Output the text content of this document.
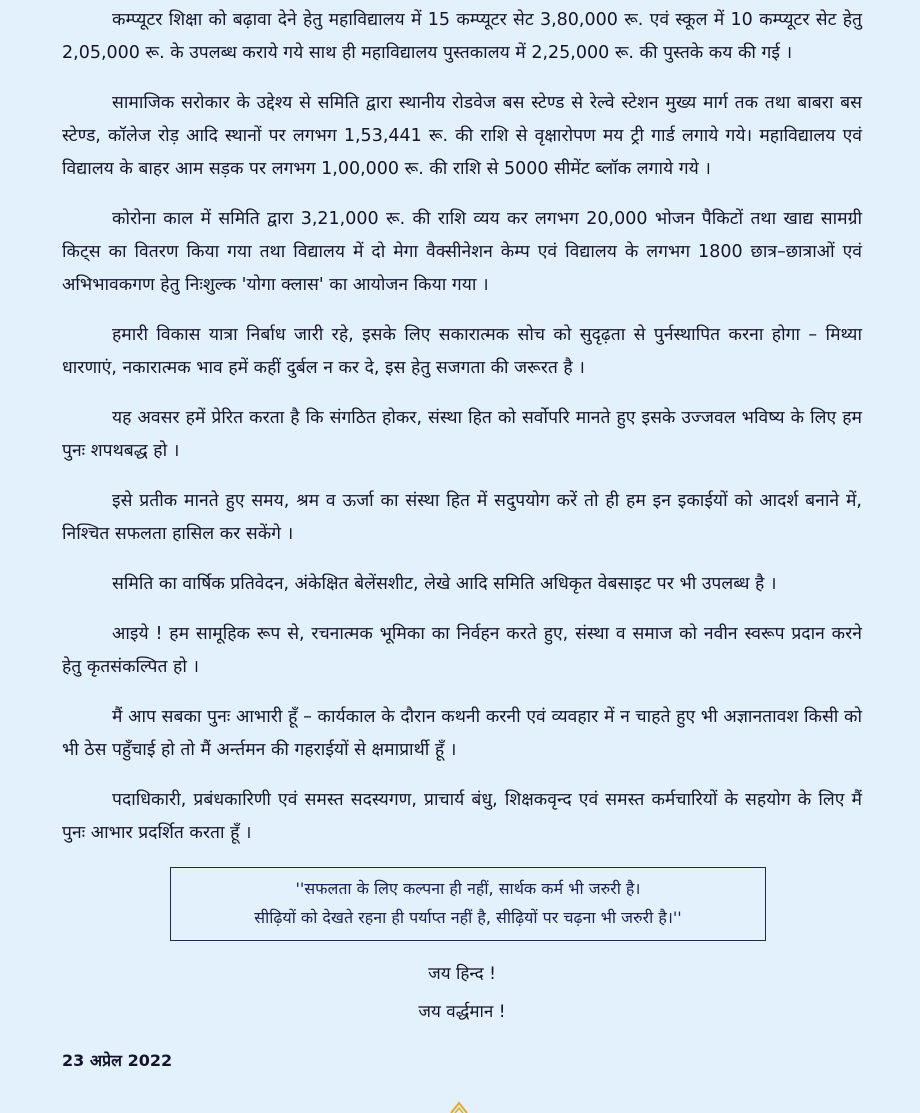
कम्प्यूटर शिक्षा को बढ़ावा देने हेतु महाविद्यालय में 15 कम्प्यूटर सेट 3,80,000 रू. एवं स्कूल में 10 कम्प्यूटर सेट हेतु 2,05,000 रू. के उपलब्ध कराये गये साथ ही महाविद्यालय पुस्तकालय में 2,25,000 रू. की पुस्तके कय की गई ।

सामाजिक सरोकार के उद्देश्य से समिति द्वारा स्थानीय रोडवेज बस स्टेण्ड से रेल्वे स्टेशन मुख्य मार्ग तक तथा बाबरा बस स्टेण्ड, कॉलेज रोड़ आदि स्थानों पर लगभग 1,53,441 रू. की राशि से वृक्षारोपण मय ट्री गार्ड लगाये गये। महाविद्यालय एवं विद्यालय के बाहर आम सड़क पर लगभग 1,00,000 रू. की राशि से 5000 सीमेंट ब्लॉक लगाये गये ।

कोरोना काल में समिति द्वारा 3,21,000 रू. की राशि व्यय कर लगभग 20,000 भोजन पैकिटों तथा खाद्य सामग्री किट्स का वितरण किया गया तथा विद्यालय में दो मेगा वैक्सीनेशन केम्प एवं विद्यालय के लगभग 1800 छात्र–छात्राओं एवं अभिभावकगण हेतु निःशुल्क 'योगा क्लास' का आयोजन किया गया ।

हमारी विकास यात्रा निर्बाध जारी रहे, इसके लिए सकारात्मक सोच को सुदृढ़ता से पुर्नस्थापित करना होगा – मिथ्या धारणाएं, नकारात्मक भाव हमें कहीं दुर्बल न कर दे, इस हेतु सजगता की जरूरत है ।

यह अवसर हमें प्रेरित करता है कि संगठित होकर, संस्था हित को सर्वोपरि मानते हुए इसके उज्जवल भविष्य के लिए हम पुनः शपथबद्ध हो ।

इसे प्रतीक मानते हुए समय, श्रम व ऊर्जा का संस्था हित में सदुपयोग करें तो ही हम इन इकाईयों को आदर्श बनाने में, निश्चित सफलता हासिल कर सकेंगे ।

समिति का वार्षिक प्रतिवेदन, अंकेक्षित बेलेंसशीट, लेखे आदि समिति अधिकृत वेबसाइट पर भी उपलब्ध है ।

आइये ! हम सामूहिक रूप से, रचनात्मक भूमिका का निर्वहन करते हुए, संस्था व समाज को नवीन स्वरूप प्रदान करने हेतु कृतसंकल्पित हो ।

मैं आप सबका पुनः आभारी हूँ – कार्यकाल के दौरान कथनी करनी एवं व्यवहार में न चाहते हुए भी अज्ञानतावश किसी को भी ठेस पहुँचाई हो तो मैं अर्न्तमन की गहराईयों से क्षमाप्रार्थी हूँ ।

पदाधिकारी, प्रबंधकारिणी एवं समस्त सदस्यगण, प्राचार्य बंधु, शिक्षकवृन्द एवं समस्त कर्मचारियों के सहयोग के लिए मैं पुनः आभार प्रदर्शित करता हूँ ।

''सफलता के लिए कल्पना ही नहीं, सार्थक कर्म भी जरुरी है।
सीढ़ियों को देखते रहना ही पर्याप्त नहीं है, सीढ़ियों पर चढ़ना भी जरुरी है।''
जय हिन्द !
जय वर्द्धमान !
23 अप्रेल 2022
